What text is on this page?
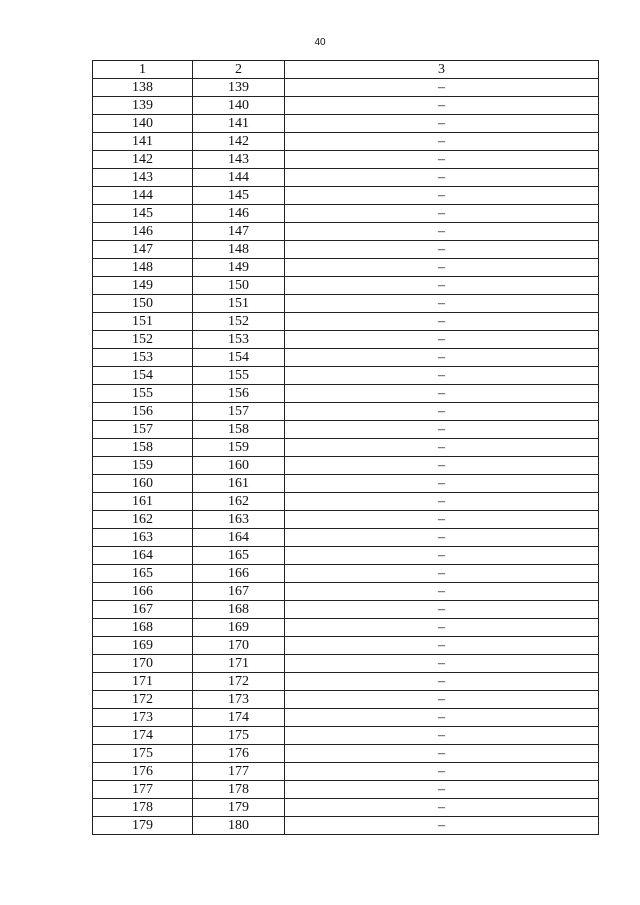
40
1	2	3
138	139	–
139	140	–
140	141	–
141	142	–
142	143	–
143	144	–
144	145	–
145	146	–
146	147	–
147	148	–
148	149	–
149	150	–
150	151	–
151	152	–
152	153	–
153	154	–
154	155	–
155	156	–
156	157	–
157	158	–
158	159	–
159	160	–
160	161	–
161	162	–
162	163	–
163	164	–
164	165	–
165	166	–
166	167	–
167	168	–
168	169	–
169	170	–
170	171	–
171	172	–
172	173	–
173	174	–
174	175	–
175	176	–
176	177	–
177	178	–
178	179	–
179	180	–
